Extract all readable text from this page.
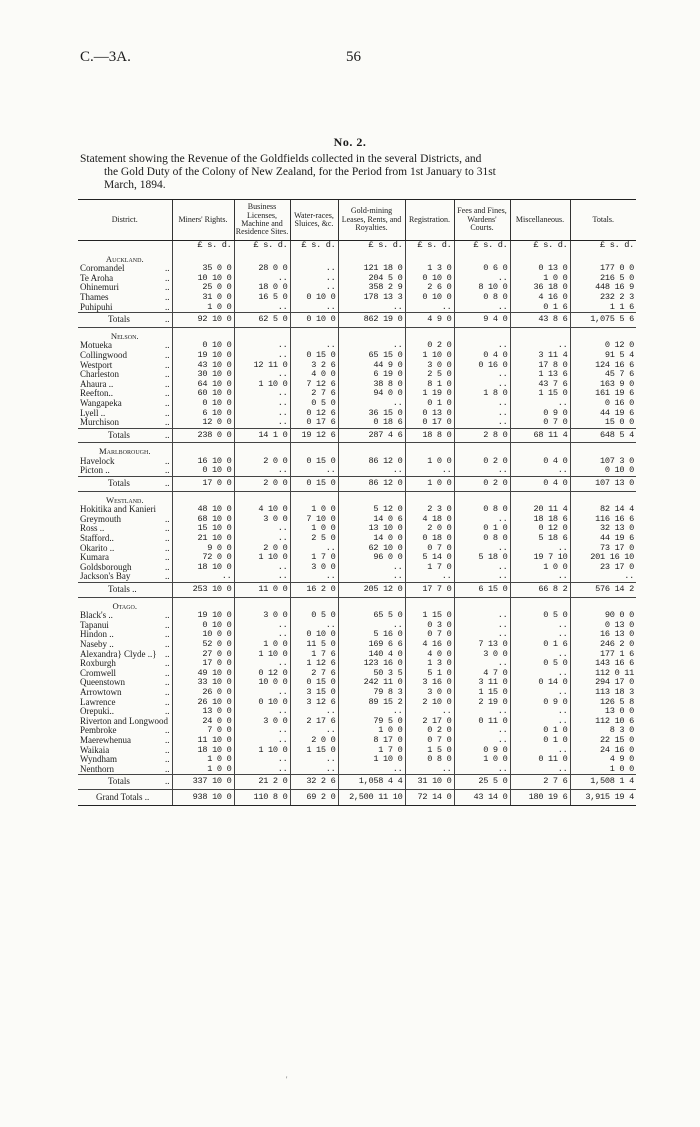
C.—3A.	56
No. 2.
Statement showing the Revenue of the Goldfields collected in the several Districts, and
the Gold Duty of the Colony of New Zealand, for the Period from 1st January to 31st
March, 1894.
District.	Miners' Rights.	Business Licenses, Machine and Residence Sites.	Water-races, Sluices, &c.	Gold-mining Leases, Rents, and Royalties.	Registration.	Fees and Fines, Wardens' Courts.	Miscellaneous.	Totals.
	£ s. d.	£ s. d.	£ s. d.	£ s. d.	£ s. d.	£ s. d.	£ s. d.	£ s. d.
Auckland.								
Coromandel ..	35 0 0	28 0 0	..	121 18 0	1 3 0	0 6 0	0 13 0	177 0 0
Te Aroha ..	10 10 0	..	..	204 5 0	0 10 0	..	1 0 0	216 5 0
Ohinemuri ..	25 0 0	18 0 0	..	358 2 9	2 6 0	8 10 0	36 18 0	448 16 9
Thames ..	31 0 0	16 5 0	0 10 0	178 13 3	0 10 0	0 8 0	4 16 0	232 2 3
Puhipuhi ..	1 0 0	..	..	..	..	..	0 1 6	1 1 6
Totals ..	92 10 0	62 5 0	0 10 0	862 19 0	4 9 0	9 4 0	43 8 6	1,075 5 6
Nelson.								
Motueka ..	0 10 0	..	..	..	0 2 0	..	..	0 12 0
Collingwood ..	19 10 0	..	0 15 0	65 15 0	1 10 0	0 4 0	3 11 4	91 5 4
Westport ..	43 10 0	12 11 0	3 2 6	44 9 0	3 0 0	0 16 0	17 8 0	124 16 6
Charleston ..	30 10 0	..	4 0 0	6 19 0	2 5 0	..	1 13 6	45 7 6
Ahaura .. ..	64 10 0	1 10 0	7 12 6	38 8 0	8 1 0	..	43 7 6	163 9 0
Reefton.. ..	60 10 0	..	2 7 6	94 0 0	1 19 0	1 8 0	1 15 0	161 19 6
Wangapeka ..	0 10 0	..	0 5 0	..	0 1 0	..	..	0 16 0
Lyell .. ..	6 10 0	..	0 12 6	36 15 0	0 13 0	..	0 9 0	44 19 6
Murchison ..	12 0 0	..	0 17 6	0 18 6	0 17 0	..	0 7 0	15 0 0
Totals ..	238 0 0	14 1 0	19 12 6	287 4 6	18 8 0	2 8 0	68 11 4	648 5 4
Marlborough.								
Havelock ..	16 10 0	2 0 0	0 15 0	86 12 0	1 0 0	0 2 0	0 4 0	107 3 0
Picton .. ..	0 10 0	..	..	..	..	..	..	0 10 0
Totals ..	17 0 0	2 0 0	0 15 0	86 12 0	1 0 0	0 2 0	0 4 0	107 13 0
Westland.								
Hokitika and Kanieri	48 10 0	4 10 0	1 0 0	5 12 0	2 3 0	0 8 0	20 11 4	82 14 4
Greymouth ..	68 10 0	3 0 0	7 10 0	14 0 6	4 18 0	..	18 18 6	116 16 6
Ross .. ..	15 10 0	..	1 0 0	13 10 0	2 0 0	0 1 0	0 12 0	32 13 0
Stafford.. ..	21 10 0	..	2 5 0	14 0 0	0 18 0	0 8 0	5 18 6	44 19 6
Okarito .. ..	9 0 0	2 0 0	..	62 10 0	0 7 0	..	..	73 17 0
Kumara ..	72 0 0	1 10 0	1 7 0	96 0 0	5 14 0	5 18 0	19 7 10	201 16 10
Goldsborough ..	18 10 0	..	3 0 0	..	1 7 0	..	1 0 0	23 17 0
Jackson's Bay ..	..	..	..	..	..	..	..	..
Totals ..	253 10 0	11 0 0	16 2 0	205 12 0	17 7 0	6 15 0	66 8 2	576 14 2
Otago.								
Black's .. ..	19 10 0	3 0 0	0 5 0	65 5 0	1 15 0	..	0 5 0	90 0 0
Tapanui ..	0 10 0	..	..	..	0 3 0	..	..	0 13 0
Hindon .. ..	10 0 0	..	0 10 0	5 16 0	0 7 0	..	..	16 13 0
Naseby .. ..	52 0 0	1 0 0	11 5 0	169 6 6	4 16 0	7 13 0	0 1 6	246 2 0
Alexandra} Clyde ..} ..	27 0 0	1 10 0	1 7 6	140 4 0	4 0 0	3 0 0	..	177 1 6
Roxburgh ..	17 0 0	..	1 12 6	123 16 0	1 3 0	..	0 5 0	143 16 6
Cromwell ..	49 10 0	0 12 0	2 7 6	50 3 5	5 1 0	4 7 0	..	112 0 11
Queenstown ..	33 10 0	10 0 0	0 15 0	242 11 0	3 16 0	3 11 0	0 14 0	294 17 0
Arrowtown ..	26 0 0	..	3 15 0	79 8 3	3 0 0	1 15 0	..	113 18 3
Lawrence ..	26 10 0	0 10 0	3 12 6	89 15 2	2 10 0	2 19 0	0 9 0	126 5 8
Orepuki.. ..	13 0 0	..	..	..	..	..	..	13 0 0
Riverton and Longwood	24 0 0	3 0 0	2 17 6	79 5 0	2 17 0	0 11 0	..	112 10 6
Pembroke ..	7 0 0	..	..	1 0 0	0 2 0	..	0 1 0	8 3 0
Maerewhenua ..	11 10 0	..	2 0 0	8 17 0	0 7 0	..	0 1 0	22 15 0
Waikaia ..	18 10 0	1 10 0	1 15 0	1 7 0	1 5 0	0 9 0	..	24 16 0
Wyndham ..	1 0 0	..	..	1 10 0	0 8 0	1 0 0	0 11 0	4 9 0
Nenthorn ..	1 0 0	..	..	..	..	..	..	1 0 0
Totals ..	337 10 0	21 2 0	32 2 6	1,058 4 4	31 10 0	25 5 0	2 7 6	1,508 1 4
Grand Totals ..	938 10 0	110 8 0	69 2 0	2,500 11 10	72 14 0	43 14 0	180 19 6	3,915 19 4
'
